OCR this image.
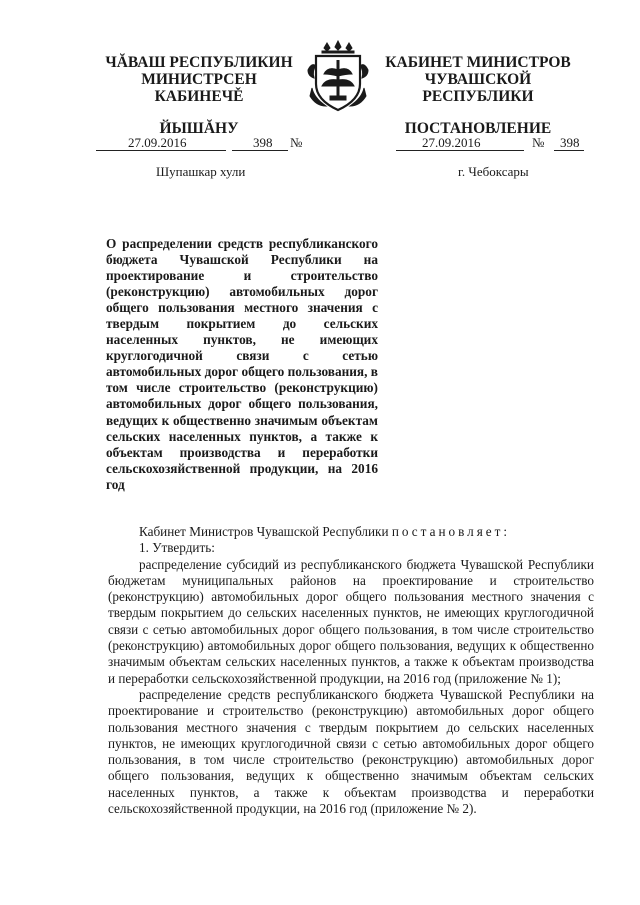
ЧĂВАШ РЕСПУБЛИКИН
МИНИСТРСЕН КАБИНЕЧĚ
ЙЫШĂНУ
КАБИНЕТ МИНИСТРОВ
ЧУВАШСКОЙ РЕСПУБЛИКИ
ПОСТАНОВЛЕНИЕ
27.09.2016	398 №	27.09.2016	№ 398
Шупашкар хули	г. Чебоксары
О распределении средств республиканского бюджета Чувашской Республики на проектирование и строительство (реконструкцию) автомобильных дорог общего пользования местного значения с твердым покрытием до сельских населенных пунктов, не имеющих круглогодичной связи с сетью автомобильных дорог общего пользования, в том числе строительство (реконструкцию) автомобильных дорог общего пользования, ведущих к общественно значимым объектам сельских населенных пунктов, а также к объектам производства и переработки сельскохозяйственной продукции, на 2016 год

Кабинет Министров Чувашской Республики постановляет:

1. Утвердить:

распределение субсидий из республиканского бюджета Чувашской Республики бюджетам муниципальных районов на проектирование и строительство (реконструкцию) автомобильных дорог общего пользования местного значения с твердым покрытием до сельских населенных пунктов, не имеющих круглогодичной связи с сетью автомобильных дорог общего пользования, в том числе строительство (реконструкцию) автомобильных дорог общего пользования, ведущих к общественно значимым объектам сельских населенных пунктов, а также к объектам производства и переработки сельскохозяйственной продукции, на 2016 год (приложение № 1);

распределение средств республиканского бюджета Чувашской Республики на проектирование и строительство (реконструкцию) автомобильных дорог общего пользования местного значения с твердым покрытием до сельских населенных пунктов, не имеющих круглогодичной связи с сетью автомобильных дорог общего пользования, в том числе строительство (реконструкцию) автомобильных дорог общего пользования, ведущих к общественно значимым объектам сельских населенных пунктов, а также к объектам производства и переработки сельскохозяйственной продукции, на 2016 год (приложение № 2).
